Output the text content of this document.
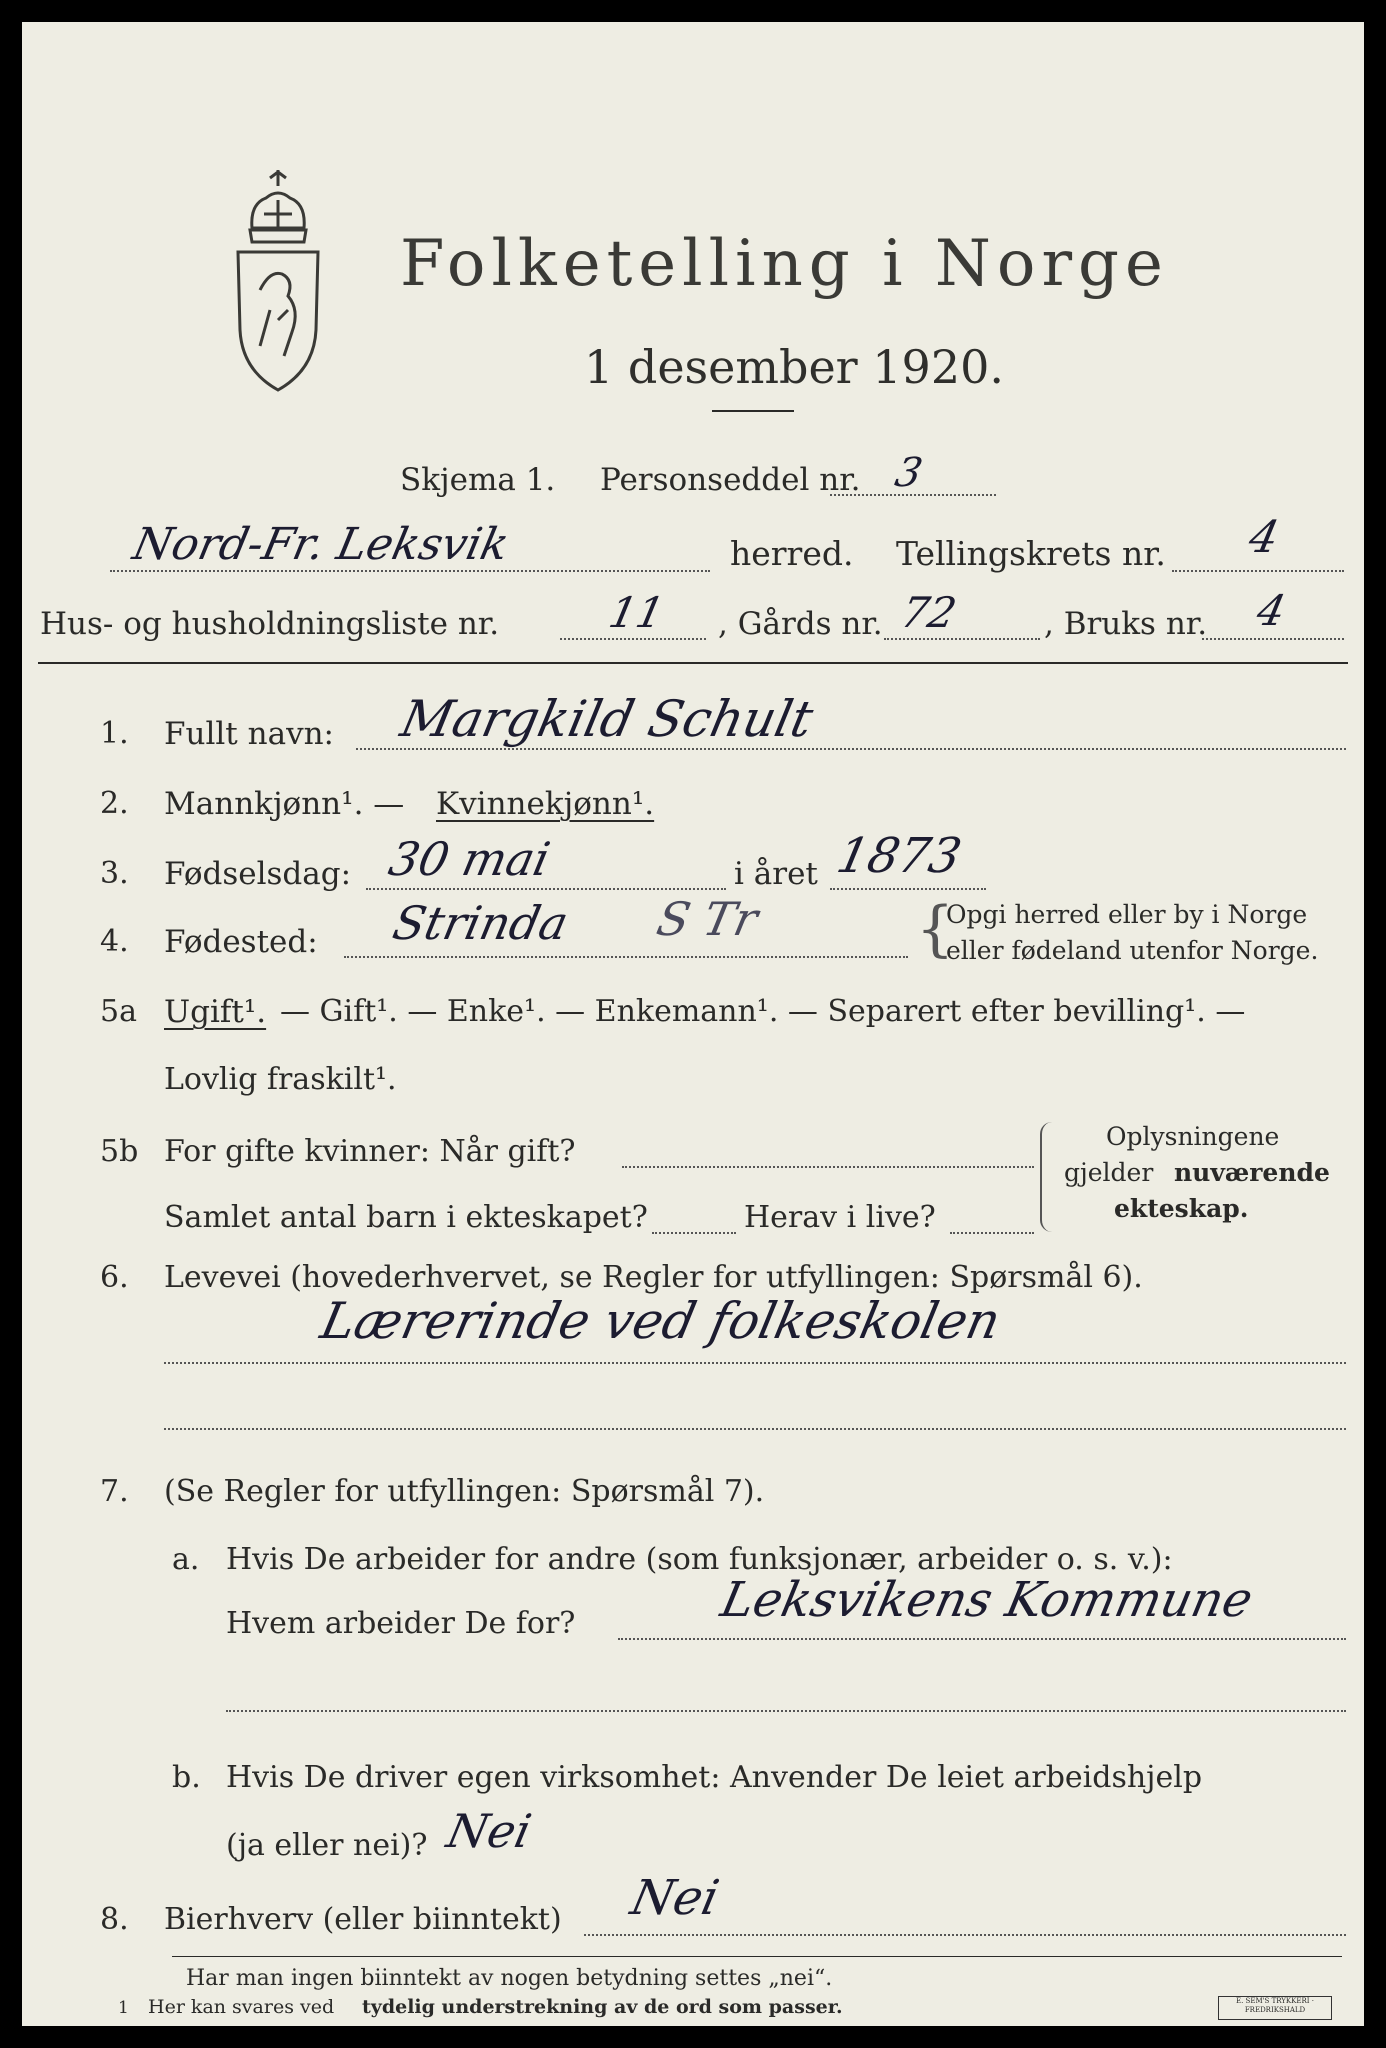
Folketelling i Norge
1 desember 1920.
Skjema 1. Personseddel nr. 3
Nord-Fr. Leksvik	herred. Tellingskrets nr. 4
Hus- og husholdningsliste nr.	11 , Gårds nr. 72	, Bruks nr. 4
1. Fullt navn: Margkild Schult
2. Mannkjønn¹. — Kvinnekjønn¹.
3. Fødselsdag: 30 mai	i året 1873
4. Fødested: Strinda S Tr	{
Opgi herred eller by i Norge
eller fødeland utenfor Norge.
5a Ugift¹. — Gift¹. — Enke¹. — Enkemann¹. — Separert efter bevilling¹. —
Lovlig fraskilt¹.
5b For gifte kvinner: Når gift?
Samlet antal barn i ekteskapet?	Herav i live?
Oplysningene
gjelder nuværende
ekteskap.
6. Levevei (hovederhvervet, se Regler for utfyllingen: Spørsmål 6).
Lærerinde ved folkeskolen
7. (Se Regler for utfyllingen: Spørsmål 7).
a. Hvis De arbeider for andre (som funksjonær, arbeider o. s. v.):
Hvem arbeider De for?	Leksvikens Kommune
b. Hvis De driver egen virksomhet: Anvender De leiet arbeidshjelp
(ja eller nei)? Nei
8. Bierhverv (eller biinntekt) Nei
Har man ingen biinntekt av nogen betydning settes „nei“.
1 Her kan svares ved tydelig understrekning av de ord som passer.	E. SEM'S TRYKKERI · FREDRIKSHALD
